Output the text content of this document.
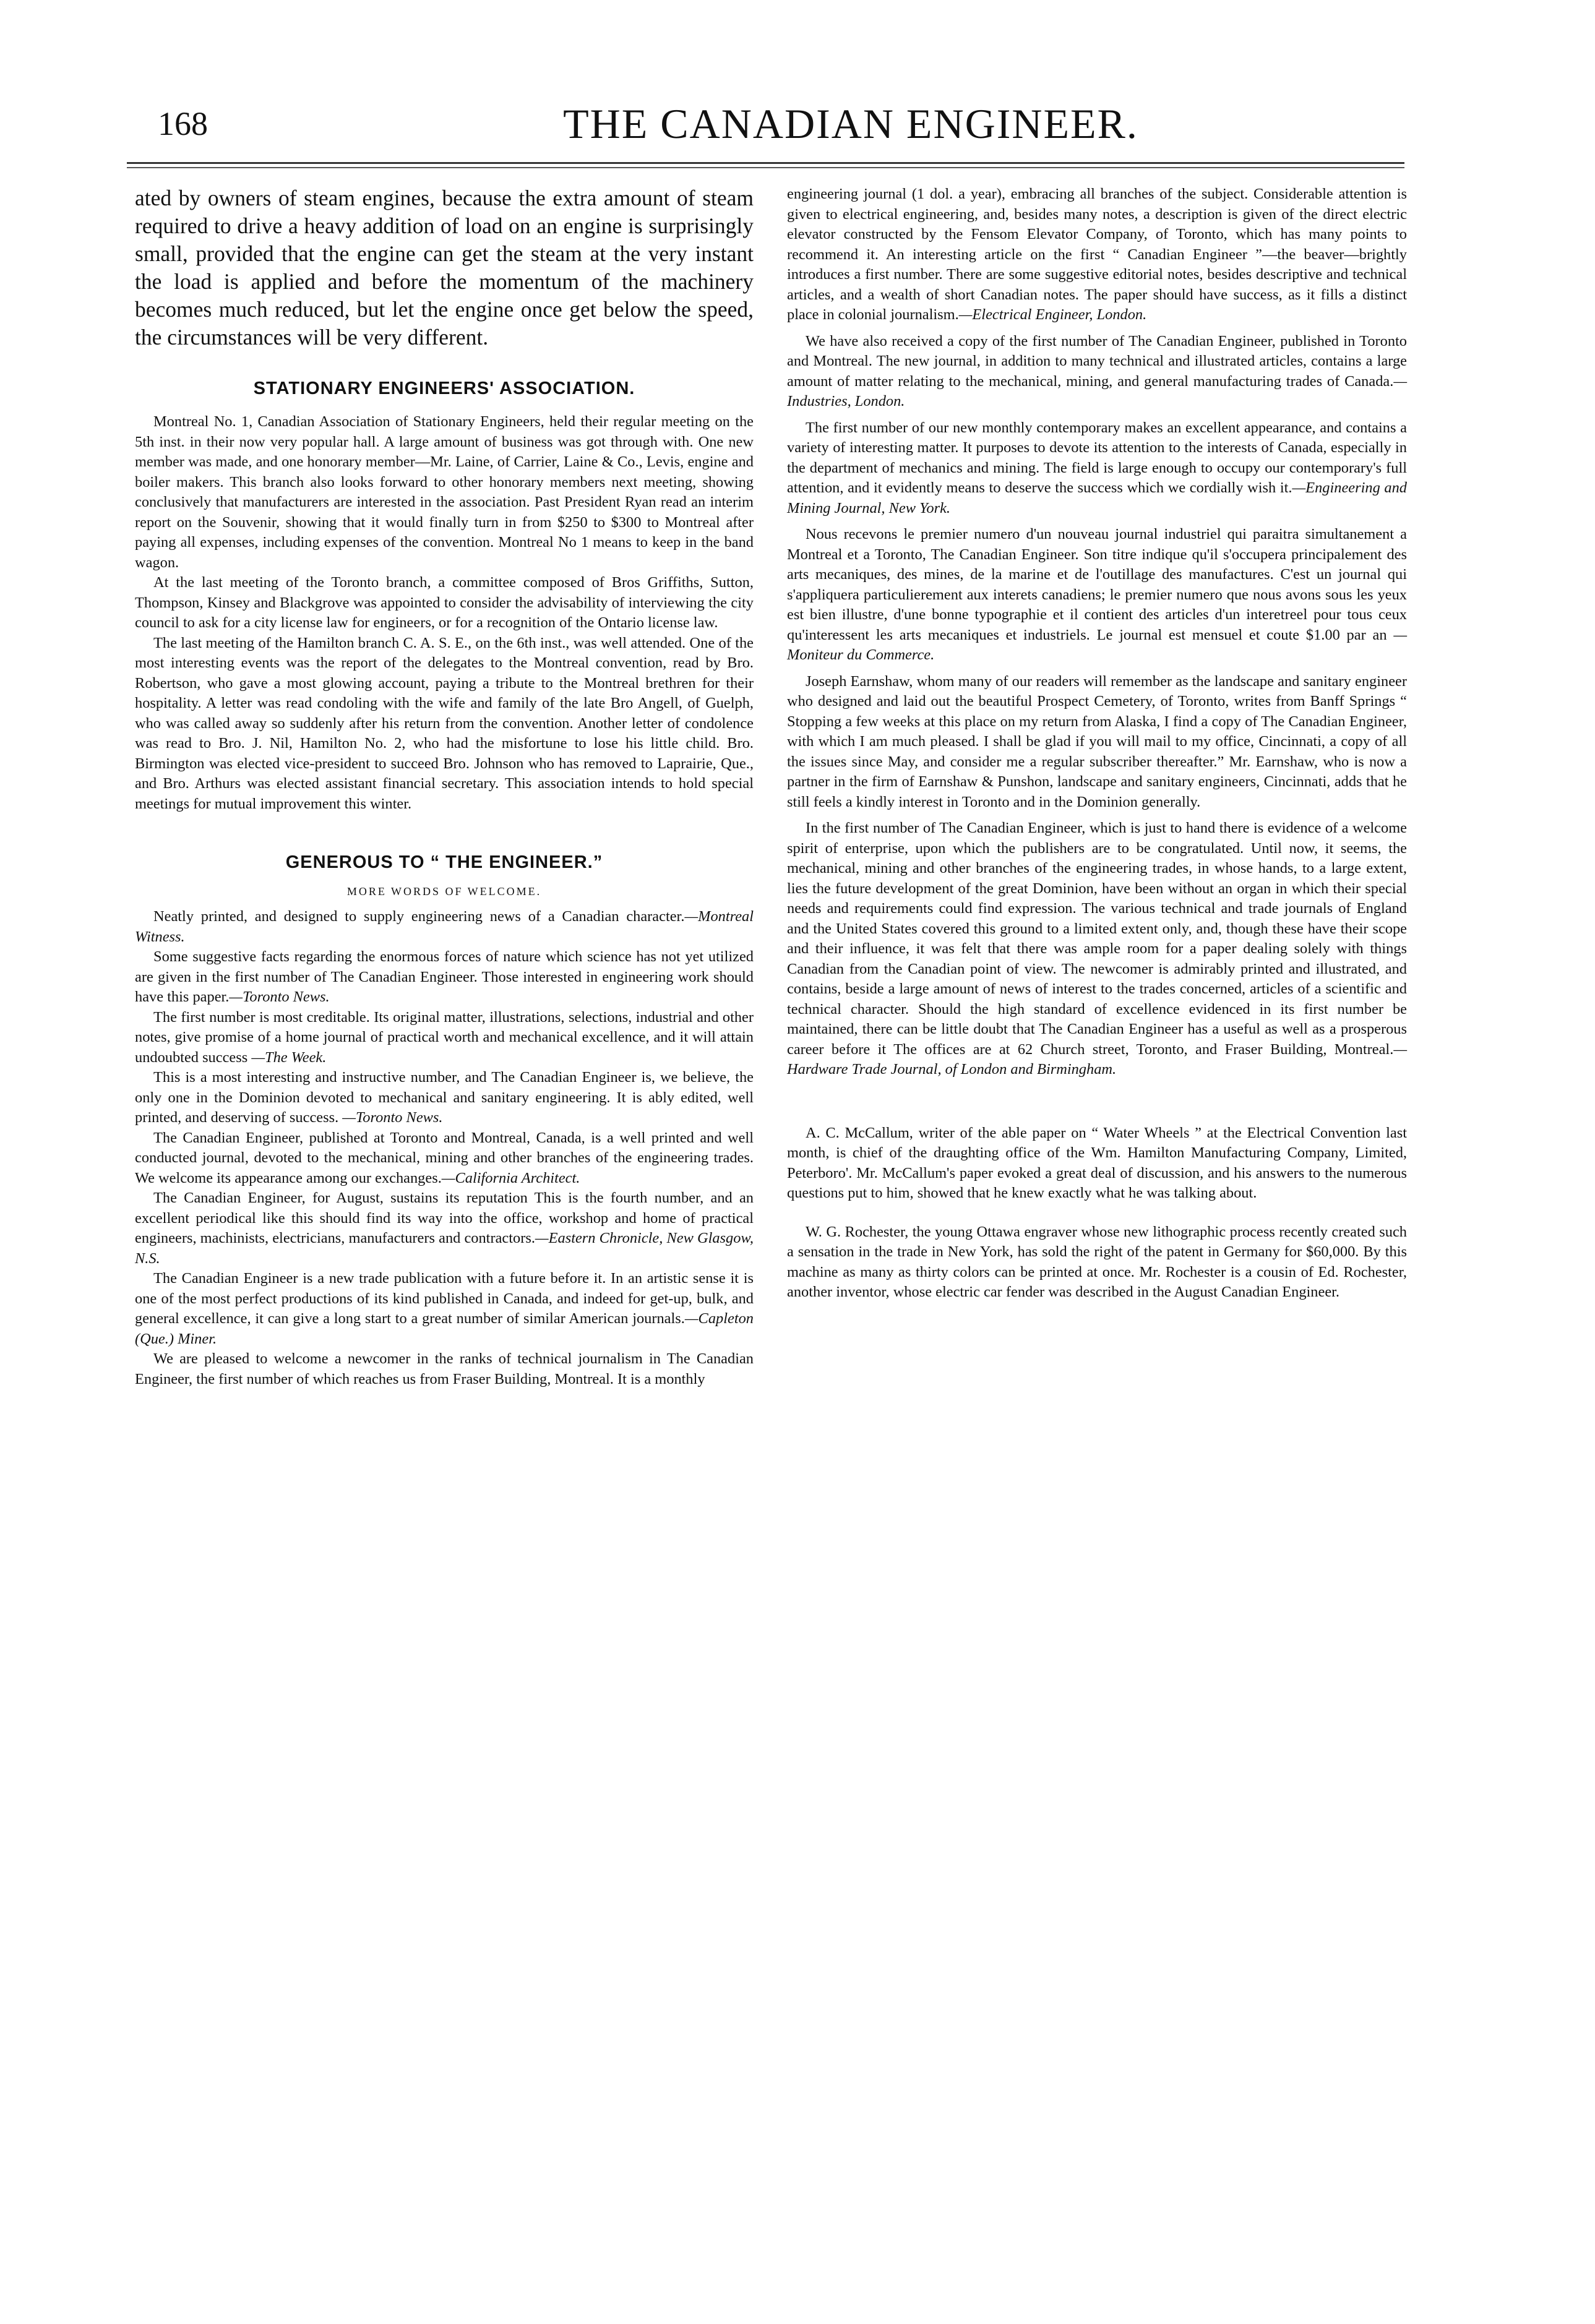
168	THE CANADIAN ENGINEER.

ated by owners of steam engines, because the extra amount of steam required to drive a heavy addition of load on an engine is surprisingly small, provided that the engine can get the steam at the very instant the load is applied and before the momentum of the machinery becomes much reduced, but let the engine once get below the speed, the circumstances will be very different.

STATIONARY ENGINEERS' ASSOCIATION.

Montreal No. 1, Canadian Association of Stationary Engineers, held their regular meeting on the 5th inst. in their now very popular hall. A large amount of business was got through with. One new member was made, and one honorary member—Mr. Laine, of Carrier, Laine & Co., Levis, engine and boiler makers. This branch also looks forward to other honorary members next meeting, showing conclusively that manufacturers are interested in the association. Past President Ryan read an interim report on the Souvenir, showing that it would finally turn in from $250 to $300 to Montreal after paying all expenses, including expenses of the convention. Montreal No 1 means to keep in the band wagon.

At the last meeting of the Toronto branch, a committee composed of Bros Griffiths, Sutton, Thompson, Kinsey and Blackgrove was appointed to consider the advisability of interviewing the city council to ask for a city license law for engineers, or for a recognition of the Ontario license law.

The last meeting of the Hamilton branch C. A. S. E., on the 6th inst., was well attended. One of the most interesting events was the report of the delegates to the Montreal convention, read by Bro. Robertson, who gave a most glowing account, paying a tribute to the Montreal brethren for their hospitality. A letter was read condoling with the wife and family of the late Bro Angell, of Guelph, who was called away so suddenly after his return from the convention. Another letter of condolence was read to Bro. J. Nil, Hamilton No. 2, who had the misfortune to lose his little child. Bro. Birmington was elected vice-president to succeed Bro. Johnson who has removed to Laprairie, Que., and Bro. Arthurs was elected assistant financial secretary. This association intends to hold special meetings for mutual improvement this winter.

GENEROUS TO “ THE ENGINEER.”
MORE WORDS OF WELCOME.

Neatly printed, and designed to supply engineering news of a Canadian character.—Montreal Witness.

Some suggestive facts regarding the enormous forces of nature which science has not yet utilized are given in the first number of The Canadian Engineer. Those interested in engineering work should have this paper.—Toronto News.

The first number is most creditable. Its original matter, illustrations, selections, industrial and other notes, give promise of a home journal of practical worth and mechanical excellence, and it will attain undoubted success —The Week.

This is a most interesting and instructive number, and The Canadian Engineer is, we believe, the only one in the Dominion devoted to mechanical and sanitary engineering. It is ably edited, well printed, and deserving of success. —Toronto News.

The Canadian Engineer, published at Toronto and Montreal, Canada, is a well printed and well conducted journal, devoted to the mechanical, mining and other branches of the engineering trades. We welcome its appearance among our exchanges.—California Architect.

The Canadian Engineer, for August, sustains its reputation This is the fourth number, and an excellent periodical like this should find its way into the office, workshop and home of practical engineers, machinists, electricians, manufacturers and contractors.—Eastern Chronicle, New Glasgow, N.S.

The Canadian Engineer is a new trade publication with a future before it. In an artistic sense it is one of the most perfect productions of its kind published in Canada, and indeed for get-up, bulk, and general excellence, it can give a long start to a great number of similar American journals.—Capleton (Que.) Miner.

We are pleased to welcome a newcomer in the ranks of technical journalism in The Canadian Engineer, the first number of which reaches us from Fraser Building, Montreal. It is a monthly

engineering journal (1 dol. a year), embracing all branches of the subject. Considerable attention is given to electrical engineering, and, besides many notes, a description is given of the direct electric elevator constructed by the Fensom Elevator Company, of Toronto, which has many points to recommend it. An interesting article on the first “ Canadian Engineer ”—the beaver—brightly introduces a first number. There are some suggestive editorial notes, besides descriptive and technical articles, and a wealth of short Canadian notes. The paper should have success, as it fills a distinct place in colonial journalism.—Electrical Engineer, London.

We have also received a copy of the first number of The Canadian Engineer, published in Toronto and Montreal. The new journal, in addition to many technical and illustrated articles, contains a large amount of matter relating to the mechanical, mining, and general manufacturing trades of Canada.—Industries, London.

The first number of our new monthly contemporary makes an excellent appearance, and contains a variety of interesting matter. It purposes to devote its attention to the interests of Canada, especially in the department of mechanics and mining. The field is large enough to occupy our contemporary's full attention, and it evidently means to deserve the success which we cordially wish it.—Engineering and Mining Journal, New York.

Nous recevons le premier numero d'un nouveau journal industriel qui paraitra simultanement a Montreal et a Toronto, The Canadian Engineer. Son titre indique qu'il s'occupera principalement des arts mecaniques, des mines, de la marine et de l'outillage des manufactures. C'est un journal qui s'appliquera particulierement aux interets canadiens; le premier numero que nous avons sous les yeux est bien illustre, d'une bonne typographie et il contient des articles d'un interetreel pour tous ceux qu'interessent les arts mecaniques et industriels. Le journal est mensuel et coute $1.00 par an —Moniteur du Commerce.

Joseph Earnshaw, whom many of our readers will remember as the landscape and sanitary engineer who designed and laid out the beautiful Prospect Cemetery, of Toronto, writes from Banff Springs “ Stopping a few weeks at this place on my return from Alaska, I find a copy of The Canadian Engineer, with which I am much pleased. I shall be glad if you will mail to my office, Cincinnati, a copy of all the issues since May, and consider me a regular subscriber thereafter.” Mr. Earnshaw, who is now a partner in the firm of Earnshaw & Punshon, landscape and sanitary engineers, Cincinnati, adds that he still feels a kindly interest in Toronto and in the Dominion generally.

In the first number of The Canadian Engineer, which is just to hand there is evidence of a welcome spirit of enterprise, upon which the publishers are to be congratulated. Until now, it seems, the mechanical, mining and other branches of the engineering trades, in whose hands, to a large extent, lies the future development of the great Dominion, have been without an organ in which their special needs and requirements could find expression. The various technical and trade journals of England and the United States covered this ground to a limited extent only, and, though these have their scope and their influence, it was felt that there was ample room for a paper dealing solely with things Canadian from the Canadian point of view. The newcomer is admirably printed and illustrated, and contains, beside a large amount of news of interest to the trades concerned, articles of a scientific and technical character. Should the high standard of excellence evidenced in its first number be maintained, there can be little doubt that The Canadian Engineer has a useful as well as a prosperous career before it The offices are at 62 Church street, Toronto, and Fraser Building, Montreal.—Hardware Trade Journal, of London and Birmingham.

A. C. McCallum, writer of the able paper on “ Water Wheels ” at the Electrical Convention last month, is chief of the draughting office of the Wm. Hamilton Manufacturing Company, Limited, Peterboro'. Mr. McCallum's paper evoked a great deal of discussion, and his answers to the numerous questions put to him, showed that he knew exactly what he was talking about.

W. G. Rochester, the young Ottawa engraver whose new lithographic process recently created such a sensation in the trade in New York, has sold the right of the patent in Germany for $60,000. By this machine as many as thirty colors can be printed at once. Mr. Rochester is a cousin of Ed. Rochester, another inventor, whose electric car fender was described in the August Canadian Engineer.
